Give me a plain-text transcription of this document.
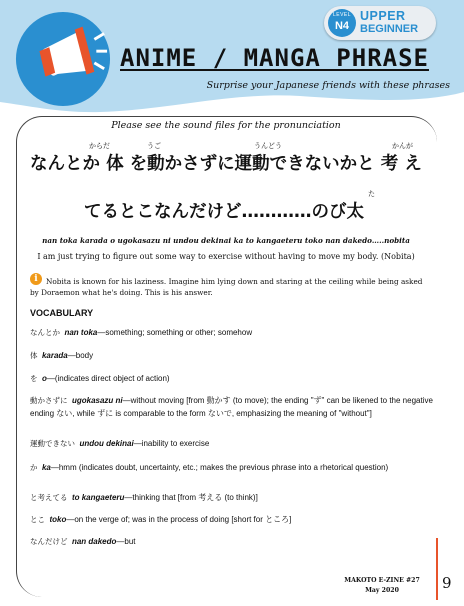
LEVEL
N4
UPPER
BEGINNER
ANIME / MANGA PHRASE
Surprise your Japanese friends with these phrases
Please see the sound files for the pronunciation
からだ	うご	うんどう	かんが
なんとか 体 を動かさずに運動できないかと 考 え
た
てるとこなんだけど…………のび太
nan toka karada o ugokasazu ni undou dekinai ka to kangaeteru toko nan dakedo…..nobita
I am just trying to figure out some way to exercise without having to move my body. (Nobita)
i	Nobita is known for his laziness. Imagine him lying down and staring at the ceiling while being asked by Doraemon what he's doing. This is his answer.
VOCABULARY
なんとか nan toka—something; something or other; somehow
体 karada—body
を o—(indicates direct object of action)
動かさずに ugokasazu ni—without moving [from 動かす (to move); the ending "ず" can be likened to the negative ending ない, while ずに is comparable to the form ないで, emphasizing the meaning of "without"]
運動できない undou dekinai—inability to exercise
か ka—hmm (indicates doubt, uncertainty, etc.; makes the previous phrase into a rhetorical question)
と考えてる to kangaeteru—thinking that [from 考える (to think)]
とこ toko—on the verge of; was in the process of doing [short for ところ]
なんだけど nan dakedo—but
MAKOTO E-ZINE #27
May 2020	9
